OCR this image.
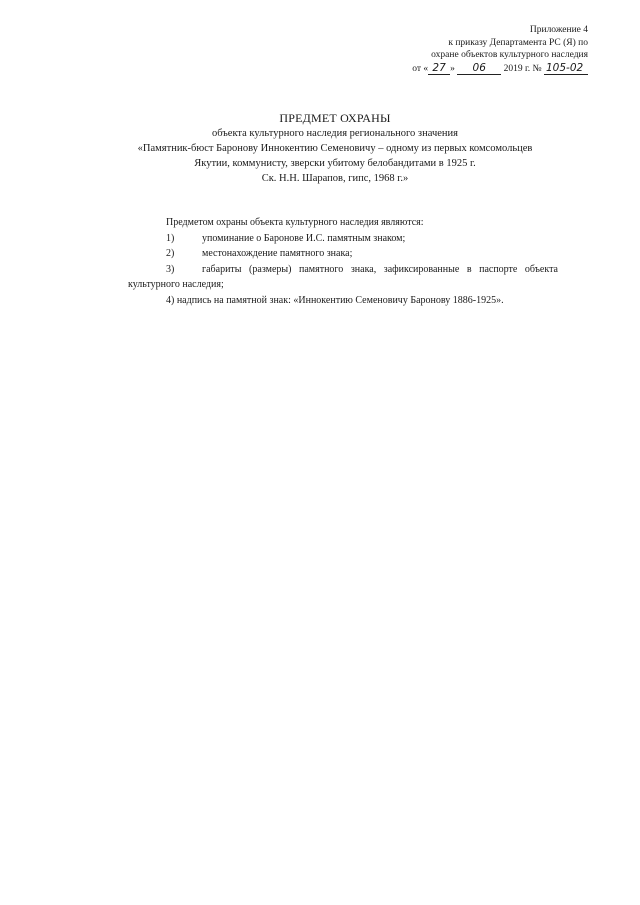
Приложение 4
к приказу Департамента РС (Я) по
охране объектов культурного наследия
от « 27 » 06 2019 г. № 105-02

ПРЕДМЕТ ОХРАНЫ

объекта культурного наследия регионального значения
«Памятник-бюст Баронову Иннокентию Семеновичу – одному из первых комсомольцев
Якутии, коммунисту, зверски убитому белобандитами в 1925 г.
Ск. Н.Н. Шарапов, гипс, 1968 г.»
Предметом охраны объекта культурного наследия являются:
1)	упоминание о Баронове И.С. памятным знаком;
2)	местонахождение памятного знака;
3)	габариты (размеры) памятного знака, зафиксированные в паспорте объекта
культурного наследия;
4) надпись на памятной знак: «Иннокентию Семеновичу Баронову 1886-1925».
